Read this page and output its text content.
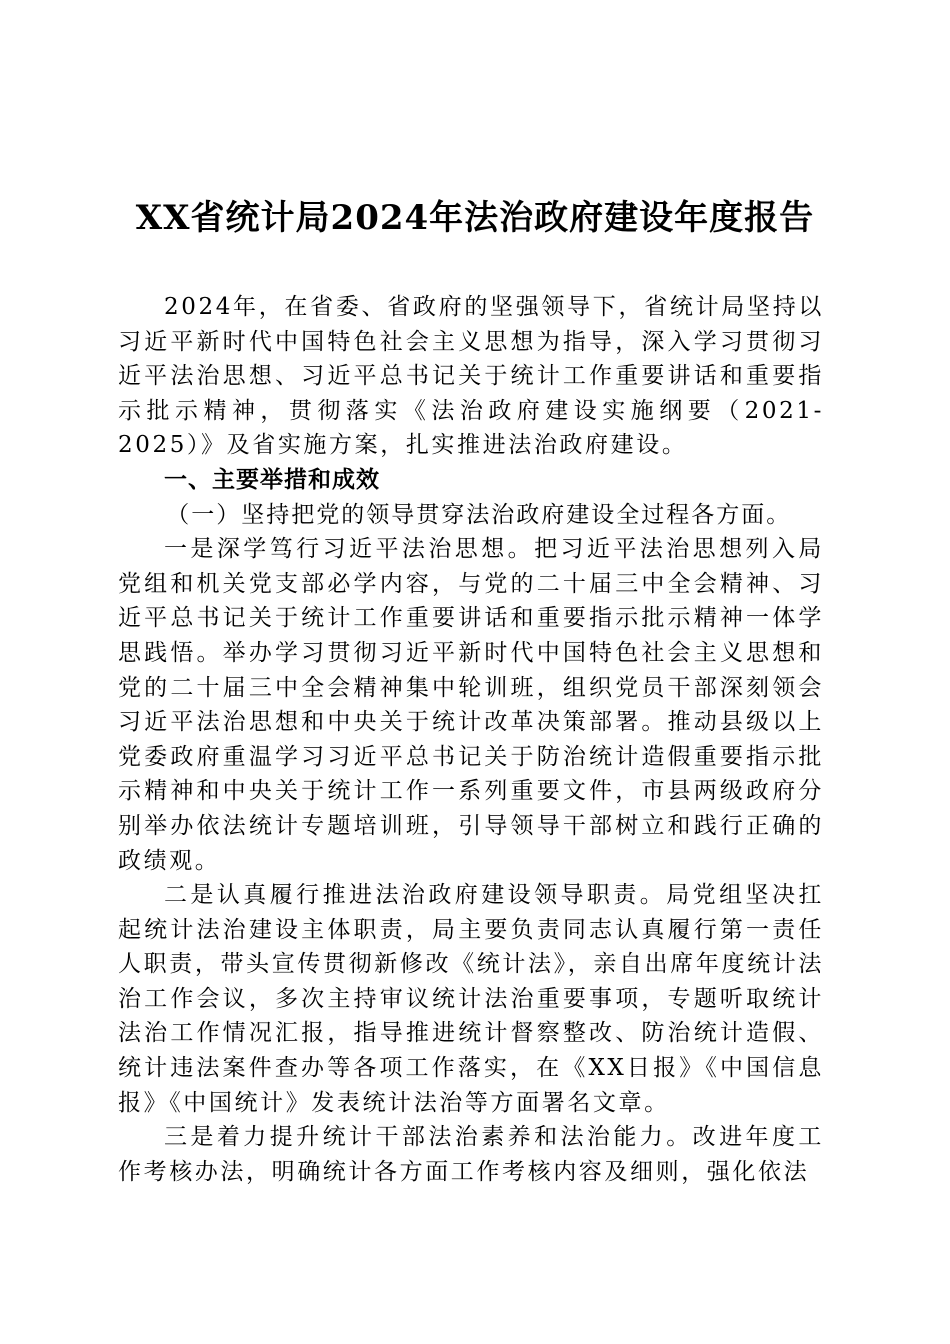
XX省统计局2024年法治政府建设年度报告

2024年，在省委、省政府的坚强领导下，省统计局坚持以习近平新时代中国特色社会主义思想为指导，深入学习贯彻习近平法治思想、习近平总书记关于统计工作重要讲话和重要指示批示精神，贯彻落实《法治政府建设实施纲要（2021-2025）》及省实施方案，扎实推进法治政府建设。

一、主要举措和成效

（一）坚持把党的领导贯穿法治政府建设全过程各方面。

一是深学笃行习近平法治思想。把习近平法治思想列入局党组和机关党支部必学内容，与党的二十届三中全会精神、习近平总书记关于统计工作重要讲话和重要指示批示精神一体学思践悟。举办学习贯彻习近平新时代中国特色社会主义思想和党的二十届三中全会精神集中轮训班，组织党员干部深刻领会习近平法治思想和中央关于统计改革决策部署。推动县级以上党委政府重温学习习近平总书记关于防治统计造假重要指示批示精神和中央关于统计工作一系列重要文件，市县两级政府分别举办依法统计专题培训班，引导领导干部树立和践行正确的政绩观。

二是认真履行推进法治政府建设领导职责。局党组坚决扛起统计法治建设主体职责，局主要负责同志认真履行第一责任人职责，带头宣传贯彻新修改《统计法》，亲自出席年度统计法治工作会议，多次主持审议统计法治重要事项，专题听取统计法治工作情况汇报，指导推进统计督察整改、防治统计造假、统计违法案件查办等各项工作落实，在《XX日报》《中国信息报》《中国统计》发表统计法治等方面署名文章。

三是着力提升统计干部法治素养和法治能力。改进年度工作考核办法，明确统计各方面工作考核内容及细则，强化依法
